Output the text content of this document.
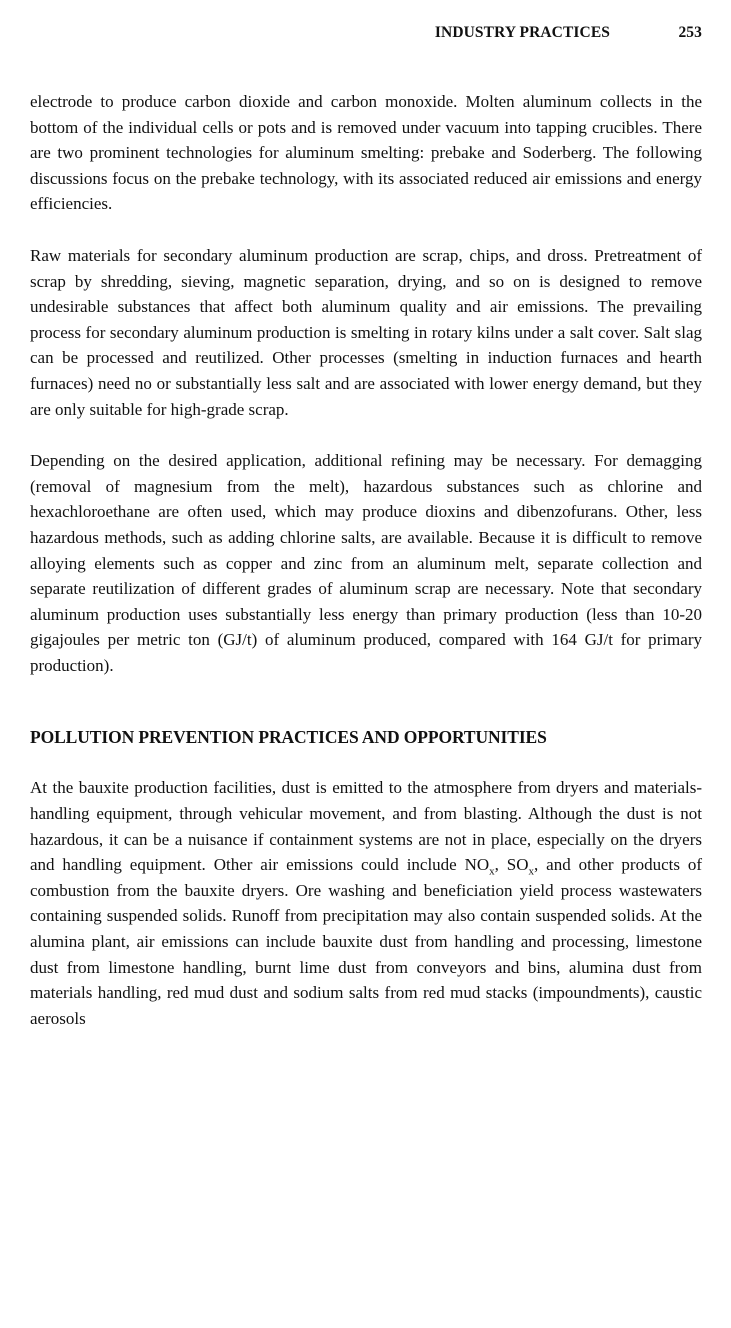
INDUSTRY PRACTICES	253

electrode to produce carbon dioxide and carbon monoxide. Molten aluminum collects in the bottom of the individual cells or pots and is removed under vacuum into tapping crucibles. There are two prominent technologies for aluminum smelting: prebake and Soderberg. The following discussions focus on the prebake technology, with its associated reduced air emissions and energy efficiencies.

Raw materials for secondary aluminum production are scrap, chips, and dross. Pretreatment of scrap by shredding, sieving, magnetic separation, drying, and so on is designed to remove undesirable substances that affect both aluminum quality and air emissions. The prevailing process for secondary aluminum production is smelting in rotary kilns under a salt cover. Salt slag can be processed and reutilized. Other processes (smelting in induction furnaces and hearth furnaces) need no or substantially less salt and are associated with lower energy demand, but they are only suitable for high-grade scrap.

Depending on the desired application, additional refining may be necessary. For demagging (removal of magnesium from the melt), hazardous substances such as chlorine and hexachloroethane are often used, which may produce dioxins and dibenzofurans. Other, less hazardous methods, such as adding chlorine salts, are available. Because it is difficult to remove alloying elements such as copper and zinc from an aluminum melt, separate collection and separate reutilization of different grades of aluminum scrap are necessary. Note that secondary aluminum production uses substantially less energy than primary production (less than 10-20 gigajoules per metric ton (GJ/t) of aluminum produced, compared with 164 GJ/t for primary production).

POLLUTION PREVENTION PRACTICES AND OPPORTUNITIES

At the bauxite production facilities, dust is emitted to the atmosphere from dryers and materials-handling equipment, through vehicular movement, and from blasting. Although the dust is not hazardous, it can be a nuisance if containment systems are not in place, especially on the dryers and handling equipment. Other air emissions could include $NO_x$, $SO_x$, and other products of combustion from the bauxite dryers. Ore washing and beneficiation yield process wastewaters containing suspended solids. Runoff from precipitation may also contain suspended solids. At the alumina plant, air emissions can include bauxite dust from handling and processing, limestone dust from limestone handling, burnt lime dust from conveyors and bins, alumina dust from materials handling, red mud dust and sodium salts from red mud stacks (impoundments), caustic aerosols
